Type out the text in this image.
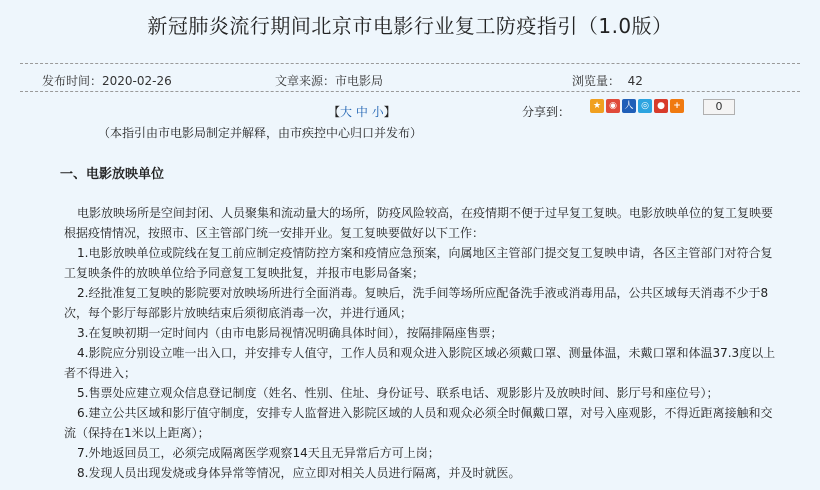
新冠肺炎流行期间北京市电影行业复工防疫指引（1.0版）
发布时间：2020-02-26	文章来源：市电影局	浏览量： 42
【大 中 小】	分享到：	★ ◉ 人 ◎ ● +	0
（本指引由市电影局制定并解释，由市疾控中心归口并发布）
一、电影放映单位

电影放映场所是空间封闭、人员聚集和流动量大的场所，防疫风险较高，在疫情期不便于过早复工复映。电影放映单位的复工复映要根据疫情情况，按照市、区主管部门统一安排开业。复工复映要做好以下工作：

1.电影放映单位或院线在复工前应制定疫情防控方案和疫情应急预案，向属地区主管部门提交复工复映申请，各区主管部门对符合复工复映条件的放映单位给予同意复工复映批复，并报市电影局备案；

2.经批准复工复映的影院要对放映场所进行全面消毒。复映后，洗手间等场所应配备洗手液或消毒用品，公共区域每天消毒不少于8次，每个影厅每部影片放映结束后须彻底消毒一次，并进行通风；

3.在复映初期一定时间内（由市电影局视情况明确具体时间），按隔排隔座售票；

4.影院应分别设立唯一出入口，并安排专人值守，工作人员和观众进入影院区域必须戴口罩、测量体温，未戴口罩和体温37.3度以上者不得进入；

5.售票处应建立观众信息登记制度（姓名、性别、住址、身份证号、联系电话、观影影片及放映时间、影厅号和座位号）；

6.建立公共区域和影厅值守制度，安排专人监督进入影院区域的人员和观众必须全时佩戴口罩，对号入座观影，不得近距离接触和交流（保持在1米以上距离）；

7.外地返回员工，必须完成隔离医学观察14天且无异常后方可上岗；

8.发现人员出现发烧或身体异常等情况，应立即对相关人员进行隔离，并及时就医。
